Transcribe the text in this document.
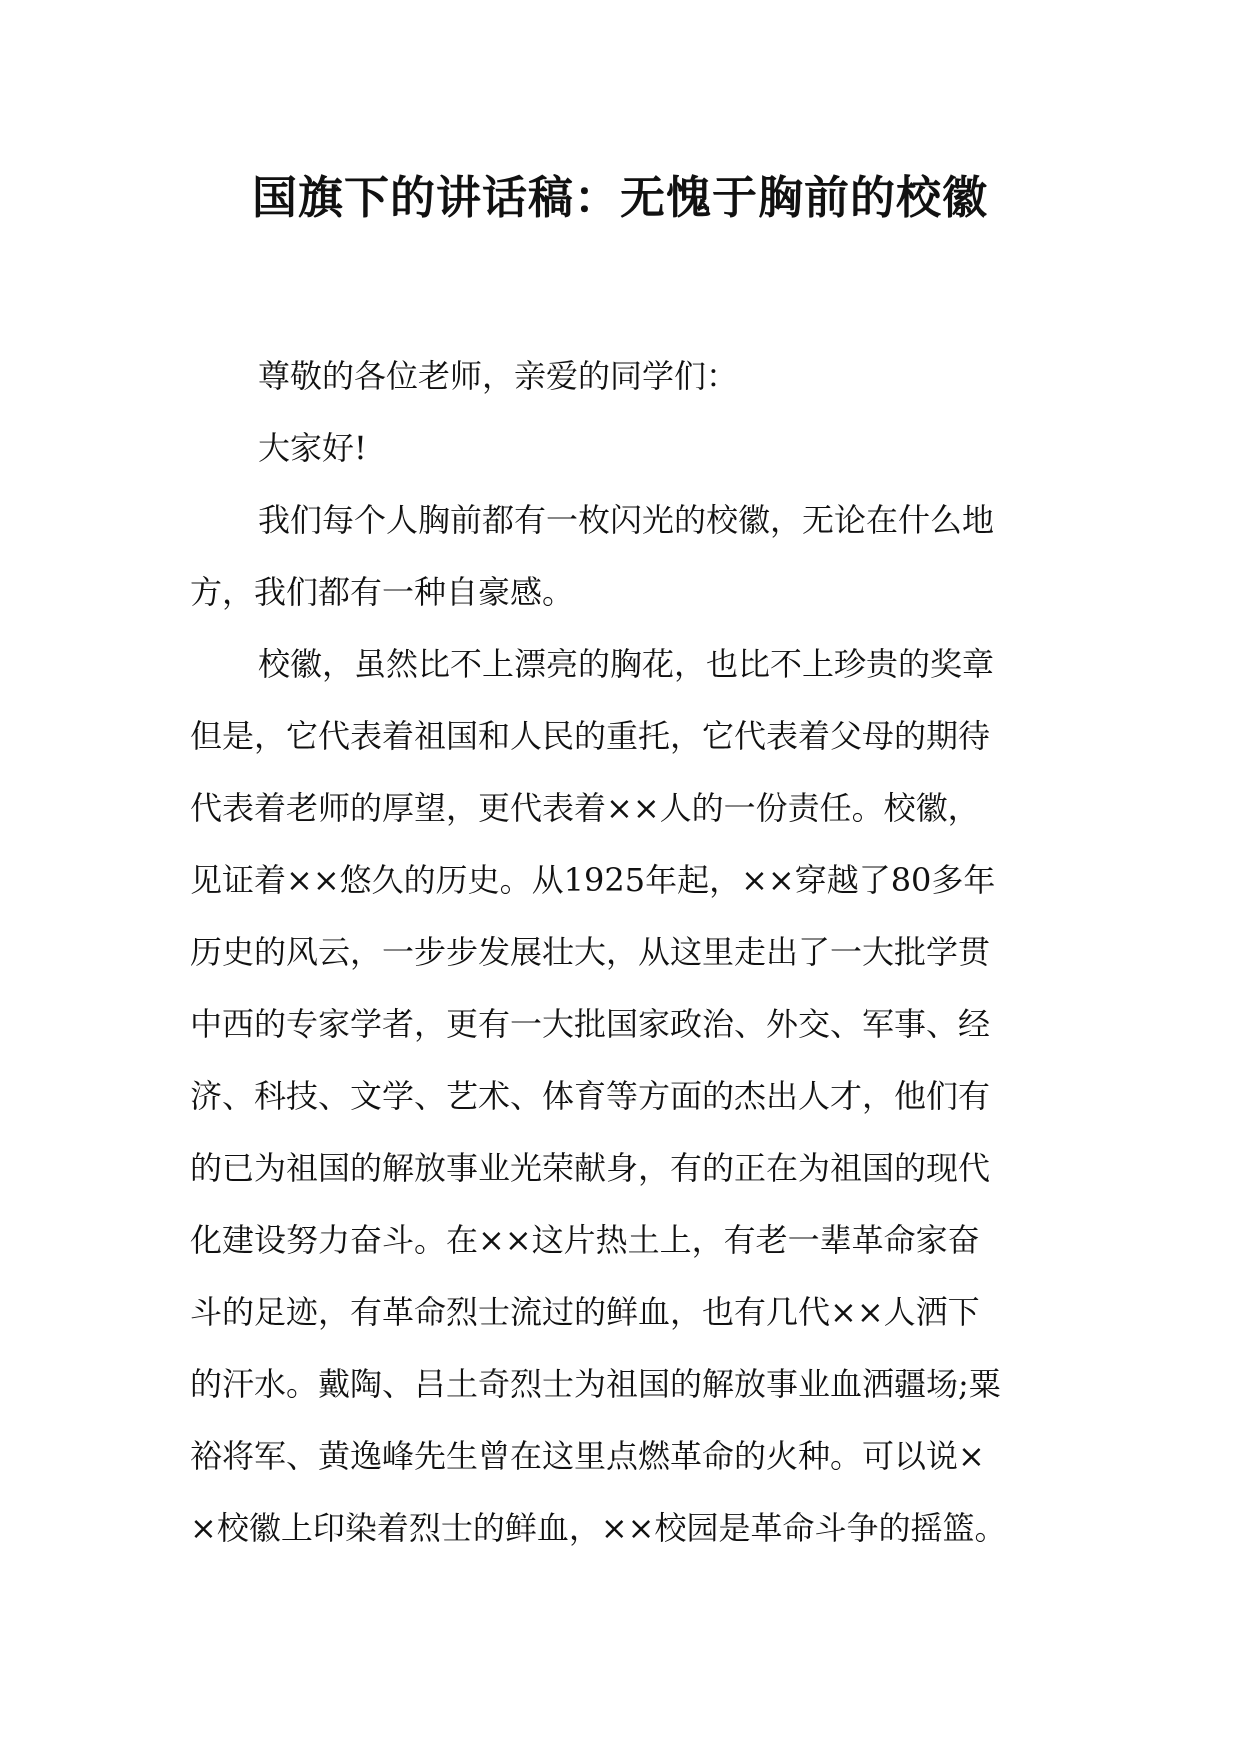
国旗下的讲话稿：无愧于胸前的校徽
尊敬的各位老师，亲爱的同学们：
大家好!
我们每个人胸前都有一枚闪光的校徽，无论在什么地
方，我们都有一种自豪感。
校徽，虽然比不上漂亮的胸花，也比不上珍贵的奖章
但是，它代表着祖国和人民的重托，它代表着父母的期待
代表着老师的厚望，更代表着××人的一份责任。校徽，
见证着××悠久的历史。从1925年起，××穿越了80多年
历史的风云，一步步发展壮大，从这里走出了一大批学贯
中西的专家学者，更有一大批国家政治、外交、军事、经
济、科技、文学、艺术、体育等方面的杰出人才，他们有
的已为祖国的解放事业光荣献身，有的正在为祖国的现代
化建设努力奋斗。在××这片热土上，有老一辈革命家奋
斗的足迹，有革命烈士流过的鲜血，也有几代××人洒下
的汗水。戴陶、吕土奇烈士为祖国的解放事业血洒疆场;粟
裕将军、黄逸峰先生曾在这里点燃革命的火种。可以说×
×校徽上印染着烈士的鲜血，××校园是革命斗争的摇篮。
